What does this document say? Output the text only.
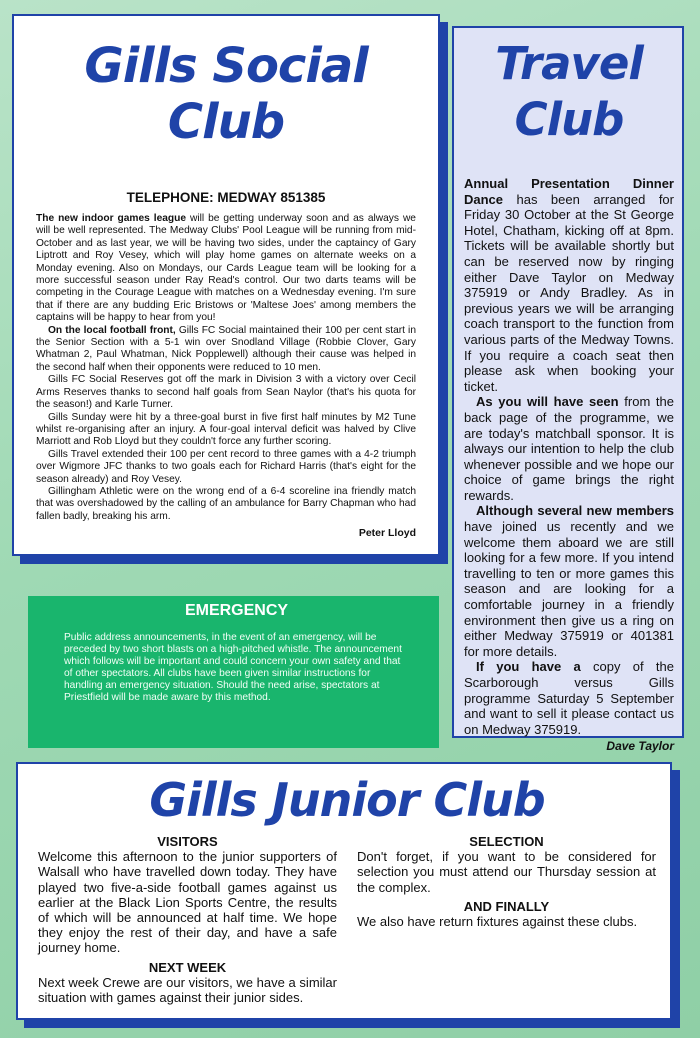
Gills Social Club
TELEPHONE: MEDWAY 851385

The new indoor games league will be getting underway soon and as always we will be well represented. The Medway Clubs' Pool League will be running from mid-October and as last year, we will be having two sides, under the captaincy of Gary Liptrott and Roy Vesey, which will play home games on alternate weeks on a Monday evening. Also on Mondays, our Cards League team will be looking for a more successful season under Ray Read's control. Our two darts teams will be competing in the Courage League with matches on a Wednesday evening. I'm sure that if there are any budding Eric Bristows or 'Maltese Joes' among members the captains will be happy to hear from you!

On the local football front, Gills FC Social maintained their 100 per cent start in the Senior Section with a 5-1 win over Snodland Village (Robbie Clover, Gary Whatman 2, Paul Whatman, Nick Popplewell) although their cause was helped in the second half when their opponents were reduced to 10 men.

Gills FC Social Reserves got off the mark in Division 3 with a victory over Cecil Arms Reserves thanks to second half goals from Sean Naylor (that's his quota for the season!) and Karle Turner.

Gills Sunday were hit by a three-goal burst in five first half minutes by M2 Tune whilst re-organising after an injury. A four-goal interval deficit was halved by Clive Marriott and Rob Lloyd but they couldn't force any further scoring.

Gills Travel extended their 100 per cent record to three games with a 4-2 triumph over Wigmore JFC thanks to two goals each for Richard Harris (that's eight for the season already) and Roy Vesey.

Gillingham Athletic were on the wrong end of a 6-4 scoreline ina friendly match that was overshadowed by the calling of an ambulance for Barry Chapman who had fallen badly, breaking his arm.

Peter Lloyd
Travel Club

Annual Presentation Dinner Dance has been arranged for Friday 30 October at the St George Hotel, Chatham, kicking off at 8pm. Tickets will be available shortly but can be reserved now by ringing either Dave Taylor on Medway 375919 or Andy Bradley. As in previous years we will be arranging coach transport to the function from various parts of the Medway Towns. If you require a coach seat then please ask when booking your ticket.

As you will have seen from the back page of the programme, we are today's matchball sponsor. It is always our intention to help the club whenever possible and we hope our choice of game brings the right rewards.

Although several new members have joined us recently and we welcome them aboard we are still looking for a few more. If you intend travelling to ten or more games this season and are looking for a comfortable journey in a friendly environment then give us a ring on either Medway 375919 or 401381 for more details.

If you have a copy of the Scarborough versus Gills programme Saturday 5 September and want to sell it please contact us on Medway 375919.

Dave Taylor
EMERGENCY

Public address announcements, in the event of an emergency, will be preceded by two short blasts on a high-pitched whistle. The announcement which follows will be important and could concern your own safety and that of other spectators. All clubs have been given similar instructions for handling an emergency situation. Should the need arise, spectators at Priestfield will be made aware by this method.

Gills Junior Club
VISITORS

Welcome this afternoon to the junior supporters of Walsall who have travelled down today. They have played two five-a-side football games against us earlier at the Black Lion Sports Centre, the results of which will be announced at half time. We hope they enjoy the rest of their day, and have a safe journey home.

NEXT WEEK

Next week Crewe are our visitors, we have a similar situation with games against their junior sides.

SELECTION

Don't forget, if you want to be considered for selection you must attend our Thursday session at the complex.

AND FINALLY

We also have return fixtures against these clubs.
